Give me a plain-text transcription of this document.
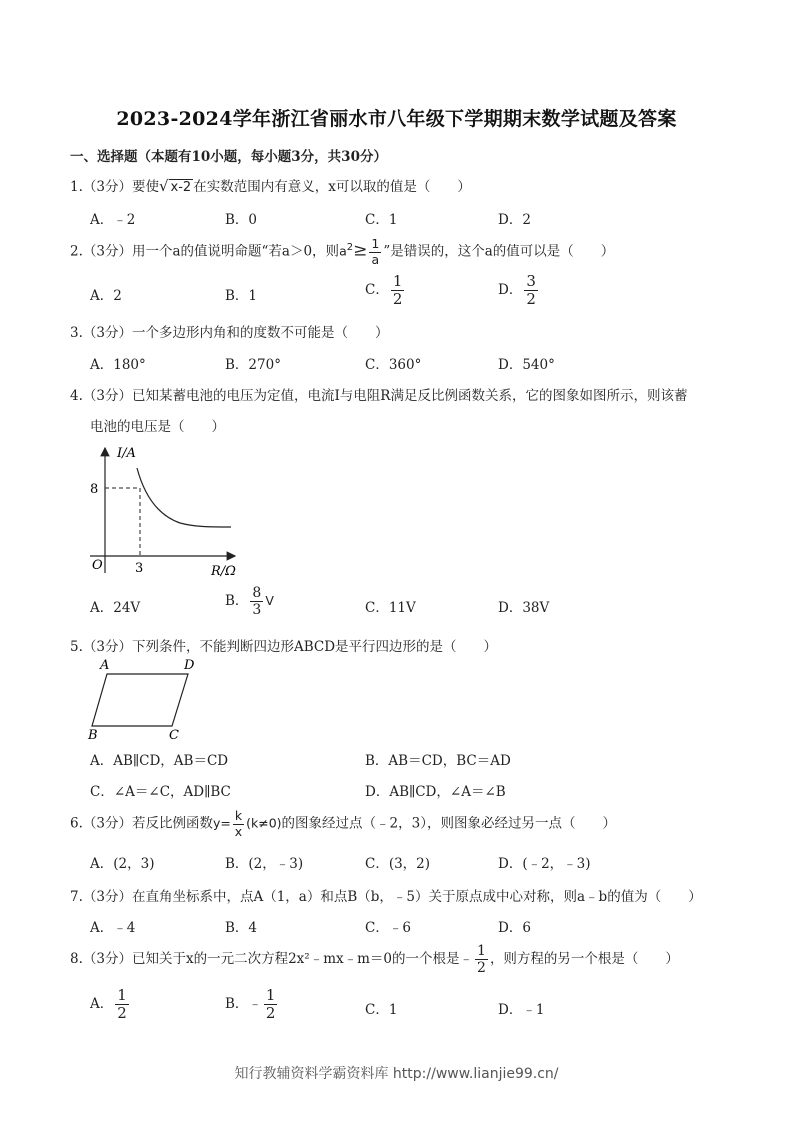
2023-2024学年浙江省丽水市八年级下学期期末数学试题及答案
一、选择题（本题有10小题，每小题3分，共30分）
1.（3分）要使 √ x-2 在实数范围内有意义，x可以取的值是（　　）
A．﹣2	B．0	C．1	D．2
2.（3分）用一个a的值说明命题“若a＞0，则$a^2\ge \frac{1}{a}$ ”是错误的，这个a的值可以是（　　）
A．2	B．1	C． $\frac{1}{2}$	D． $\frac{3}{2}$
3.（3分）一个多边形内角和的度数不可能是（　　）
A．180°	B．270°	C．360°	D．540°
4.（3分）已知某蓄电池的电压为定值，电流I与电阻R满足反比例函数关系，它的图象如图所示，则该蓄
电池的电压是（　　）
I/A
R/Ω
O 3
8
A．24V	B． $\frac{8}{3}$ V	C．11V	D．38V
5.（3分）下列条件，不能判断四边形ABCD是平行四边形的是（　　）
A	D
B	C
A．AB∥CD，AB＝CD	B．AB＝CD，BC＝AD
C．∠A＝∠C，AD∥BC	D．AB∥CD，∠A＝∠B
6.（3分）若反比例函数$y= \frac{k}{x} (k\ne 0)$的图象经过点（﹣2，3），则图象必经过另一点（　　）
A．(2，3)	B．(2，﹣3)	C．(3，2)	D．(﹣2，﹣3)
7.（3分）在直角坐标系中，点A（1，a）和点B（b，﹣5）关于原点成中心对称，则a﹣b的值为（　　）
A．﹣4	B．4	C．﹣6	D．6
8.（3分）已知关于x的一元二次方程2x²﹣mx﹣m＝0的一个根是﹣ $\frac{1}{2}$ ，则方程的另一个根是（　　）
A． $\frac{1}{2}$	B．﹣ $\frac{1}{2}$	C．1	D．﹣1
知行教辅资料学霸资料库 http://www.lianjie99.cn/
